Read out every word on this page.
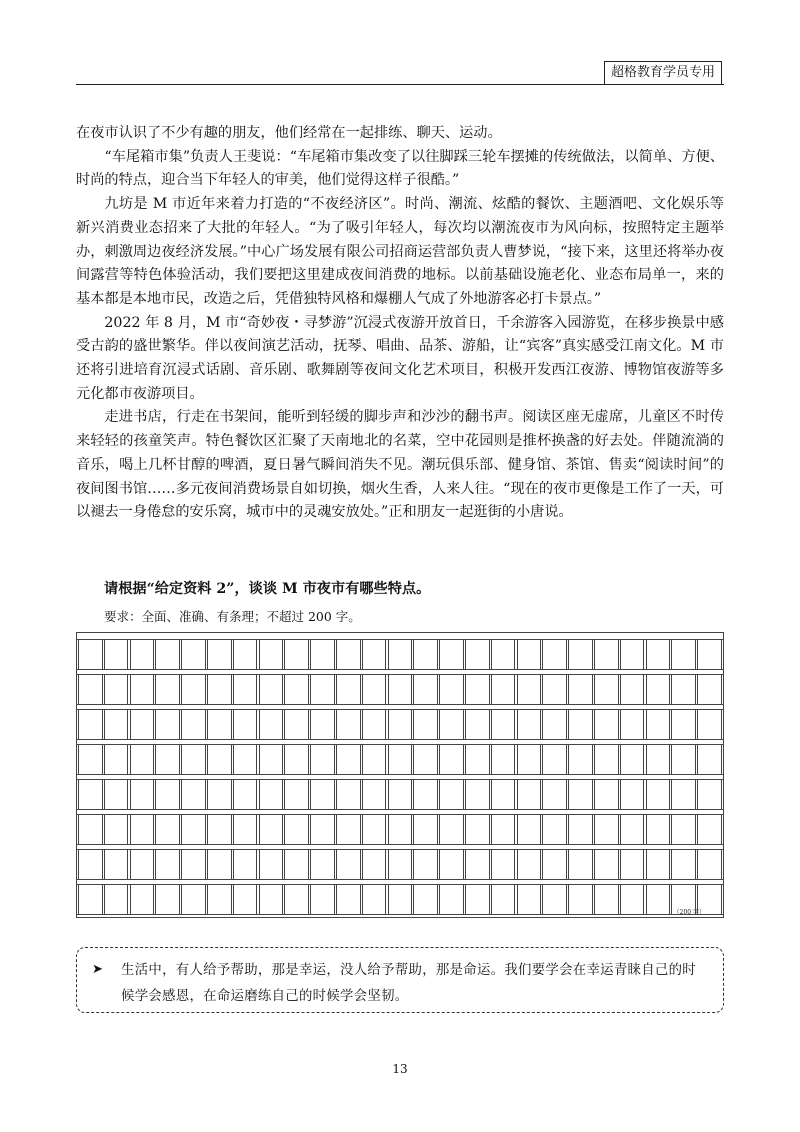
超格教育学员专用

在夜市认识了不少有趣的朋友，他们经常在一起排练、聊天、运动。

“车尾箱市集”负责人王斐说：“车尾箱市集改变了以往脚踩三轮车摆摊的传统做法，以简单、方便、时尚的特点，迎合当下年轻人的审美，他们觉得这样子很酷。”

九坊是 M 市近年来着力打造的“不夜经济区”。时尚、潮流、炫酷的餐饮、主题酒吧、文化娱乐等新兴消费业态招来了大批的年轻人。“为了吸引年轻人，每次均以潮流夜市为风向标，按照特定主题举办，刺激周边夜经济发展。”中心广场发展有限公司招商运营部负责人曹梦说，“接下来，这里还将举办夜间露营等特色体验活动，我们要把这里建成夜间消费的地标。以前基础设施老化、业态布局单一，来的基本都是本地市民，改造之后，凭借独特风格和爆棚人气成了外地游客必打卡景点。”

2022 年 8 月，M 市“奇妙夜・寻梦游”沉浸式夜游开放首日，千余游客入园游览，在移步换景中感受古韵的盛世繁华。伴以夜间演艺活动，抚琴、唱曲、品茶、游船，让“宾客”真实感受江南文化。M 市还将引进培育沉浸式话剧、音乐剧、歌舞剧等夜间文化艺术项目，积极开发西江夜游、博物馆夜游等多元化都市夜游项目。

走进书店，行走在书架间，能听到轻缓的脚步声和沙沙的翻书声。阅读区座无虚席，儿童区不时传来轻轻的孩童笑声。特色餐饮区汇聚了天南地北的名菜，空中花园则是推杯换盏的好去处。伴随流淌的音乐，喝上几杯甘醇的啤酒，夏日暑气瞬间消失不见。潮玩俱乐部、健身馆、茶馆、售卖“阅读时间”的夜间图书馆……多元夜间消费场景自如切换，烟火生香，人来人往。“现在的夜市更像是工作了一天，可以褪去一身倦怠的安乐窝，城市中的灵魂安放处。”正和朋友一起逛街的小唐说。

请根据“给定资料 2”，谈谈 M 市夜市有哪些特点。
要求：全面、准确、有条理；不超过 200 字。
（200 字）
➤ 生活中，有人给予帮助，那是幸运，没人给予帮助，那是命运。我们要学会在幸运青睐自己的时候学会感恩，在命运磨练自己的时候学会坚韧。
13
